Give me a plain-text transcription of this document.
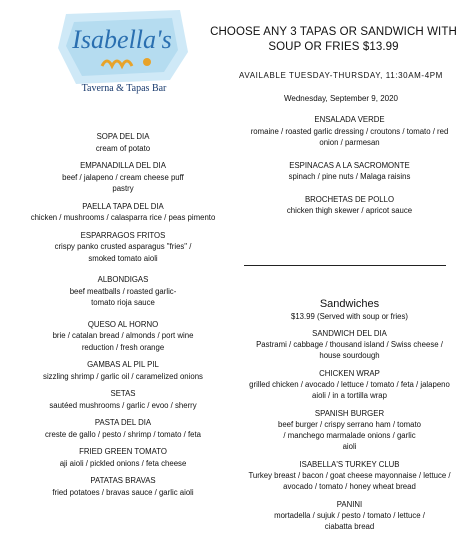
Isabella's
Taverna & Tapas Bar
CHOOSE ANY 3 TAPAS OR SANDWICH WITH SOUP OR FRIES $13.99
AVAILABLE TUESDAY-THURSDAY, 11:30AM-4PM
Wednesday, September 9, 2020
SOPA DEL DIA
cream of potato
EMPANADILLA DEL DIA
beef / jalapeno / cream cheese puff pastry
PAELLA TAPA DEL DIA
chicken / mushrooms / calasparra rice / peas pimento
ESPARRAGOS FRITOS
crispy panko crusted asparagus "fries" / smoked tomato aioli
ALBONDIGAS
beef meatballs / roasted garlic-tomato rioja sauce
QUESO AL HORNO
brie / catalan bread / almonds / port wine reduction / fresh orange
GAMBAS AL PIL PIL
sizzling shrimp / garlic oil / caramelized onions
SETAS
sautéed mushrooms / garlic / evoo / sherry
PASTA DEL DIA
creste de gallo / pesto / shrimp / tomato / feta
FRIED GREEN TOMATO
aji aioli / pickled onions / feta cheese
PATATAS BRAVAS
fried potatoes / bravas sauce / garlic aioli
ENSALADA VERDE
romaine / roasted garlic dressing / croutons / tomato / red onion / parmesan
ESPINACAS A LA SACROMONTE
spinach / pine nuts / Malaga raisins
BROCHETAS DE POLLO
chicken thigh skewer / apricot sauce
Sandwiches
$13.99 (Served with soup or fries)
SANDWICH DEL DIA
Pastrami / cabbage / thousand island / Swiss cheese / house sourdough
CHICKEN WRAP
grilled chicken / avocado / lettuce / tomato / feta / jalapeno aioli / in a tortilla wrap
SPANISH BURGER
beef burger / crispy serrano ham / tomato / manchego marmalade onions / garlic aioli
ISABELLA'S TURKEY CLUB
Turkey breast / bacon / goat cheese mayonnaise / lettuce / avocado / tomato / honey wheat bread
PANINI
mortadella / sujuk / pesto / tomato / lettuce / ciabatta bread
